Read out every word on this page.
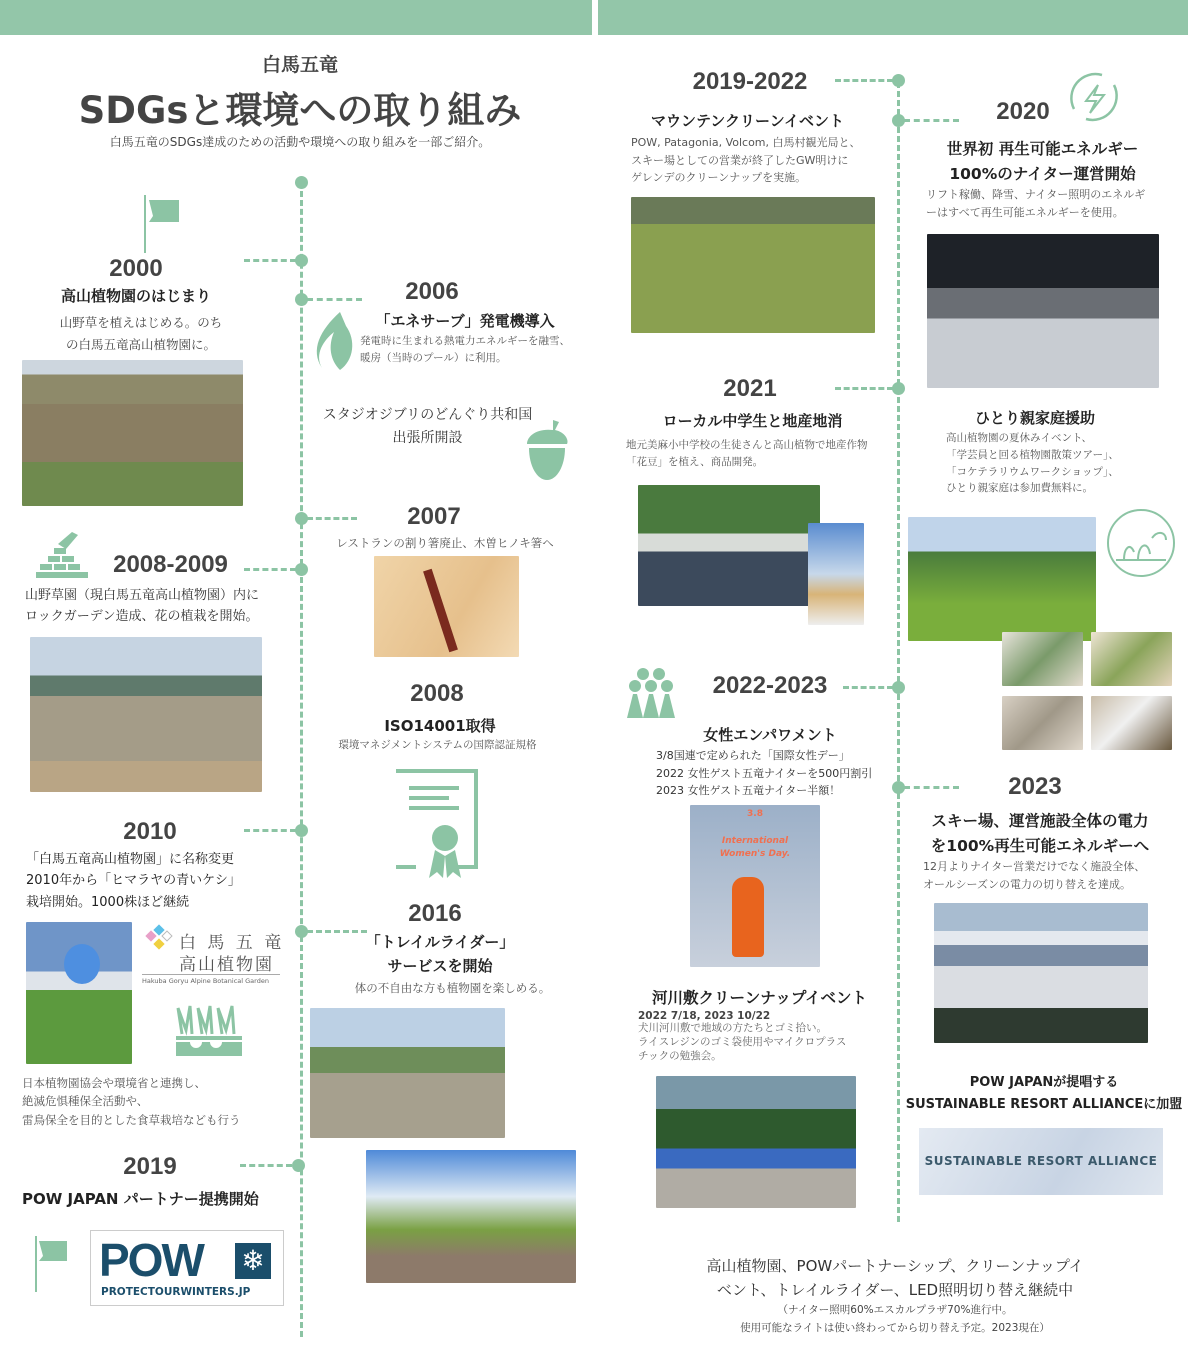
白馬五竜
SDGsと環境への取り組み
白馬五竜のSDGs達成のための活動や環境への取り組みを一部ご紹介。
2000
高山植物園のはじまり
山野草を植えはじめる。のち
の白馬五竜高山植物園に。
2006
「エネサーブ」発電機導入
発電時に生まれる熱電力エネルギーを融雪、
暖房（当時のプール）に利用。
スタジオジブリのどんぐり共和国
出張所開設
2007
レストランの割り箸廃止、木曽ヒノキ箸へ
2008-2009
山野草園（現白馬五竜高山植物園）内に
ロックガーデン造成、花の植栽を開始。
2008
ISO14001取得
環境マネジメントシステムの国際認証規格
2010
「白馬五竜高山植物園」に名称変更
2010年から「ヒマラヤの青いケシ」
栽培開始。1000株ほど継続
白 馬 五 竜
高山植物園
Hakuba Goryu Alpine Botanical Garden
日本植物園協会や環境省と連携し、
絶滅危惧種保全活動や、
雷鳥保全を目的とした食草栽培なども行う
2016
「トレイルライダー」
サービスを開始
体の不自由な方も植物園を楽しめる。
2019
POW JAPAN パートナー提携開始
POW ❄
PROTECTOURWINTERS.JP
2019-2022
マウンテンクリーンイベント
POW, Patagonia, Volcom, 白馬村観光局と、
スキー場としての営業が終了したGW明けに
ゲレンデのクリーンナップを実施。
2020
世界初 再生可能エネルギー
100%のナイター運営開始
リフト稼働、降雪、ナイター照明のエネルギ
ーはすべて再生可能エネルギーを使用。
2021
ローカル中学生と地産地消
地元美麻小中学校の生徒さんと高山植物で地産作物
「花豆」を植え、商品開発。
ひとり親家庭援助
高山植物園の夏休みイベント、
「学芸員と回る植物園散策ツアー」、
「コケテラリウムワークショップ」、
ひとり親家庭は参加費無料に。
2022-2023
女性エンパワメント
3/8国連で定められた「国際女性デー」
2022 女性ゲスト五竜ナイターを500円割引
2023 女性ゲスト五竜ナイター半額！
3.8
International
Women's Day.
2023
スキー場、運営施設全体の電力
を100%再生可能エネルギーへ
12月よりナイター営業だけでなく施設全体、
オールシーズンの電力の切り替えを達成。
河川敷クリーンナップイベント
2022 7/18, 2023 10/22
犬川河川敷で地域の方たちとゴミ拾い。
ライスレジンのゴミ袋使用やマイクロプラス
チックの勉強会。
POW JAPANが提唱する
SUSTAINABLE RESORT ALLIANCEに加盟
SUSTAINABLE RESORT ALLIANCE
高山植物園、POWパートナーシップ、クリーンナップイ
ベント、トレイルライダー、LED照明切り替え継続中
（ナイター照明60%エスカルプラザ70%進行中。
使用可能なライトは使い終わってから切り替え予定。2023現在）
